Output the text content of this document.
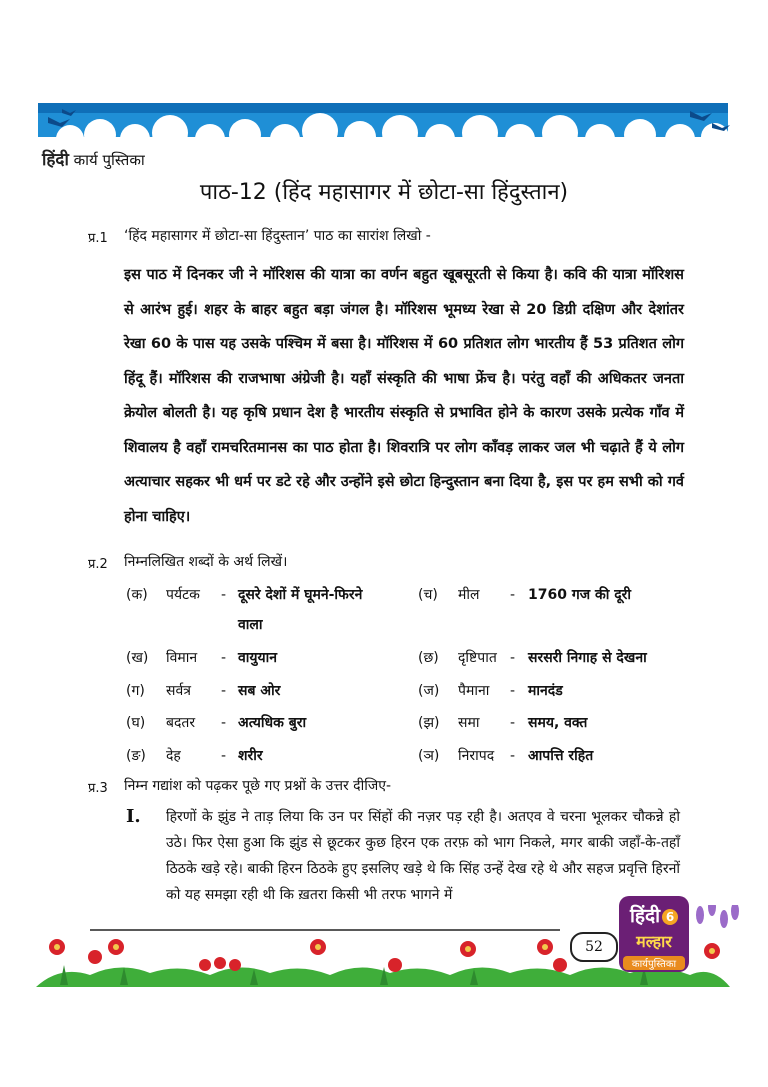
हिंदी कार्य पुस्तिका
पाठ-12 (हिंद महासागर में छोटा-सा हिंदुस्तान)
प्र.1 ‘हिंद महासागर में छोटा-सा हिंदुस्तान’ पाठ का सारांश लिखो -
इस पाठ में दिनकर जी ने मॉरिशस की यात्रा का वर्णन बहुत खूबसूरती से किया है। कवि की यात्रा मॉरिशस से आरंभ हुई। शहर के बाहर बहुत बड़ा जंगल है। मॉरिशस भूमध्य रेखा से 20 डिग्री दक्षिण और देशांतर रेखा 60 के पास यह उसके पश्चिम में बसा है। मॉरिशस में 60 प्रतिशत लोग भारतीय हैं 53 प्रतिशत लोग हिंदू हैं। मॉरिशस की राजभाषा अंग्रेजी है। यहाँ संस्कृति की भाषा फ्रेंच है। परंतु वहाँ की अधिकतर जनता क्रेयोल बोलती है। यह कृषि प्रधान देश है भारतीय संस्कृति से प्रभावित होने के कारण उसके प्रत्येक गाँव में शिवालय है वहाँ रामचरितमानस का पाठ होता है। शिवरात्रि पर लोग काँवड़ लाकर जल भी चढ़ाते हैं ये लोग अत्याचार सहकर भी धर्म पर डटे रहे और उन्होंने इसे छोटा हिन्दुस्तान बना दिया है, इस पर हम सभी को गर्व होना चाहिए।
प्र.2 निम्नलिखित शब्दों के अर्थ लिखें।
प्र.3 निम्न गद्यांश को पढ़कर पूछे गए प्रश्नों के उत्तर दीजिए-
I. हिरणों के झुंड ने ताड़ लिया कि उन पर सिंहों की नज़र पड़ रही है। अतएव वे चरना भूलकर चौकन्ने हो उठे। फिर ऐसा हुआ कि झुंड से छूटकर कुछ हिरन एक तरफ़ को भाग निकले, मगर बाकी जहाँ-के-तहाँ ठिठके खड़े रहे। बाकी हिरन ठिठके हुए इसलिए खड़े थे कि सिंह उन्हें देख रहे थे और सहज प्रवृत्ति हिरनों को यह समझा रही थी कि ख़तरा किसी भी तरफ भागने में
52
हिंदी 6
मल्हार
कार्यपुस्तिका
(क) पर्यटक - दूसरे देशों में घूमने-फिरने
वाला
(ख) विमान - वायुयान
(ग) सर्वत्र - सब ओर
(घ) बदतर - अत्यधिक बुरा
(ङ) देह	- शरीर
(च) मील - 1760 गज की दूरी
(छ) दृष्टिपात - सरसरी निगाह से देखना
(ज) पैमाना - मानदंड
(झ) समा - समय, वक्त
(ञ) निरापद - आपत्ति रहित
